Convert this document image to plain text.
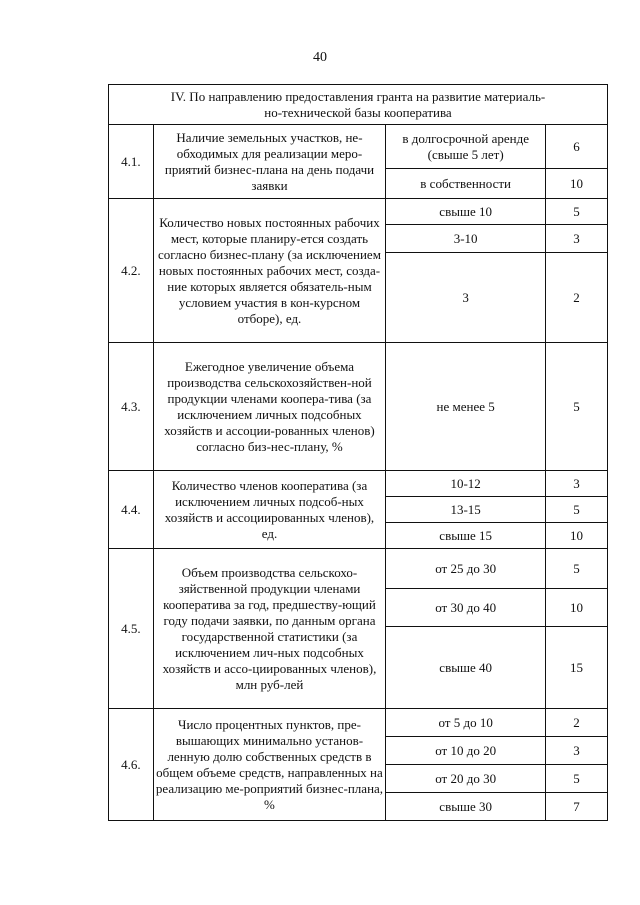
40
IV. По направлению предоставления гранта на развитие материаль-
но-технической базы кооператива			

4.1.	Наличие земельных участков, не-обходимых для реализации меро-приятий бизнес-плана на день подачи заявки	в долгосрочной аренде (свыше 5 лет)	6
		в собственности	10
4.2.	Количество новых постоянных рабочих мест, которые планиру-ется создать согласно бизнес-плану (за исключением новых постоянных рабочих мест, созда-ние которых является обязатель-ным условием участия в кон-курсном отборе), ед.	свыше 10	5
		3-10	3
		3	2
4.3.	Ежегодное увеличение объема производства сельскохозяйствен-ной продукции членами коопера-тива (за исключением личных подсобных хозяйств и ассоции-рованных членов) согласно биз-нес-плану, %	не менее 5	5
4.4.	Количество членов кооператива (за исключением личных подсоб-ных хозяйств и ассоциированных членов), ед.	10-12	3
		13-15	5
		свыше 15	10
4.5.	Объем производства сельскохо-зяйственной продукции членами кооператива за год, предшеству-ющий году подачи заявки, по данным органа государственной статистики (за исключением лич-ных подсобных хозяйств и ассо-циированных членов), млн руб-лей	от 25 до 30	5
		от 30 до 40	10
		свыше 40	15
4.6.	Число процентных пунктов, пре-вышающих минимально установ-ленную долю собственных средств в общем объеме средств, направленных на реализацию ме-роприятий бизнес-плана, %	от 5 до 10	2
		от 10 до 20	3
		от 20 до 30	5
		свыше 30	7
